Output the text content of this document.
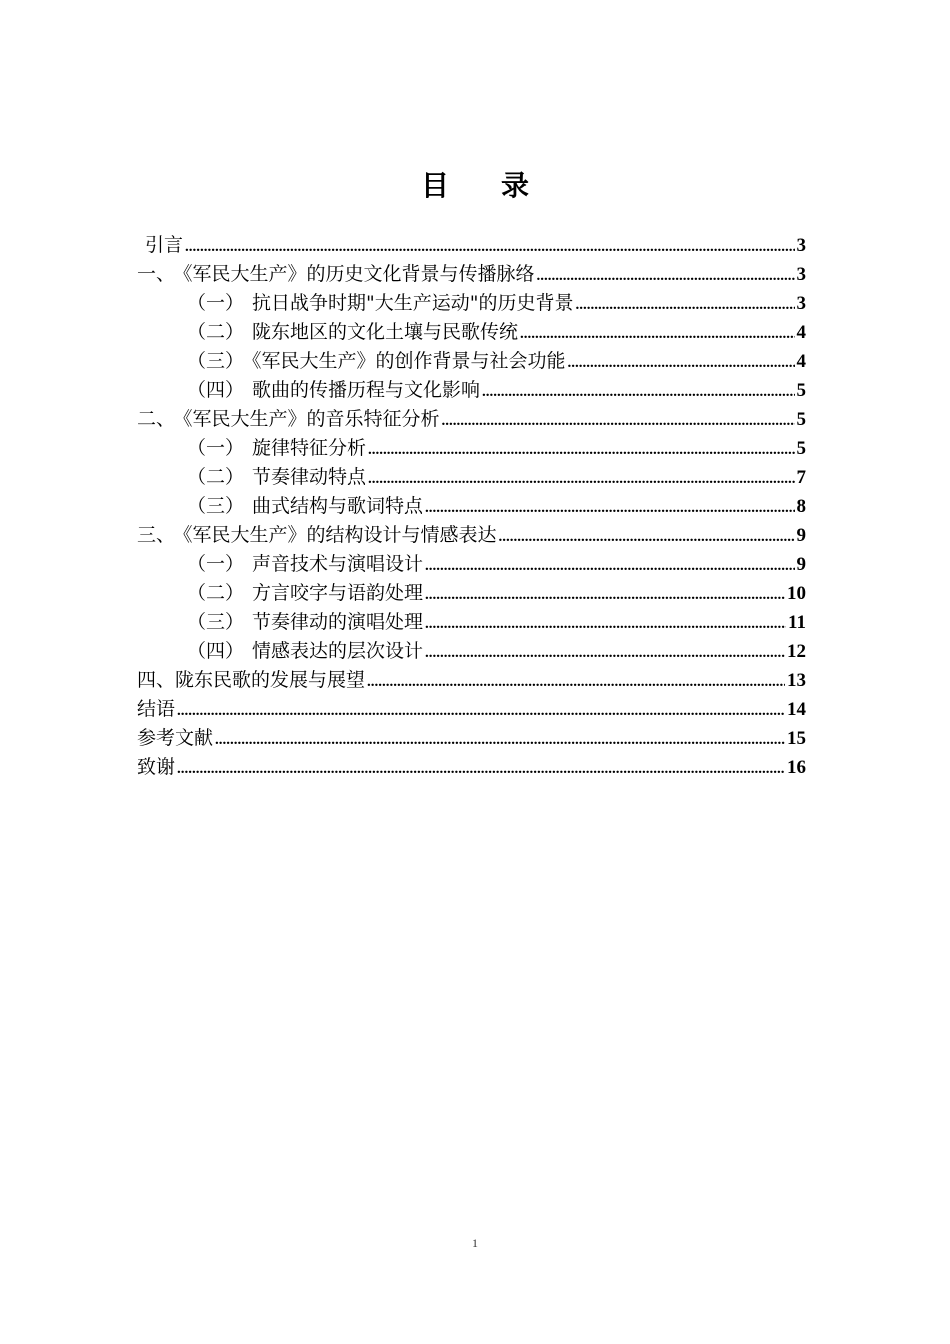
目录
引言 .....	3
一、 《军民大生产》的历史文化背景与传播脉络 .....	3
（一） 抗日战争时期"大生产运动"的历史背景 .....	3
（二） 陇东地区的文化土壤与民歌传统 .....	4
（三） 《军民大生产》的创作背景与社会功能 .....	4
（四） 歌曲的传播历程与文化影响 .....	5
二、 《军民大生产》的音乐特征分析 .....	5
（一） 旋律特征分析 .....	5
（二） 节奏律动特点 .....	7
（三） 曲式结构与歌词特点 .....	8
三、 《军民大生产》的结构设计与情感表达 .....	9
（一） 声音技术与演唱设计 .....	9
（二） 方言咬字与语韵处理 .....	10
（三） 节奏律动的演唱处理 .....	11
（四） 情感表达的层次设计 .....	12
四、陇东民歌的发展与展望 .....	13
结语 .....	14
参考文献 .....	15
致谢 .....	16
1
